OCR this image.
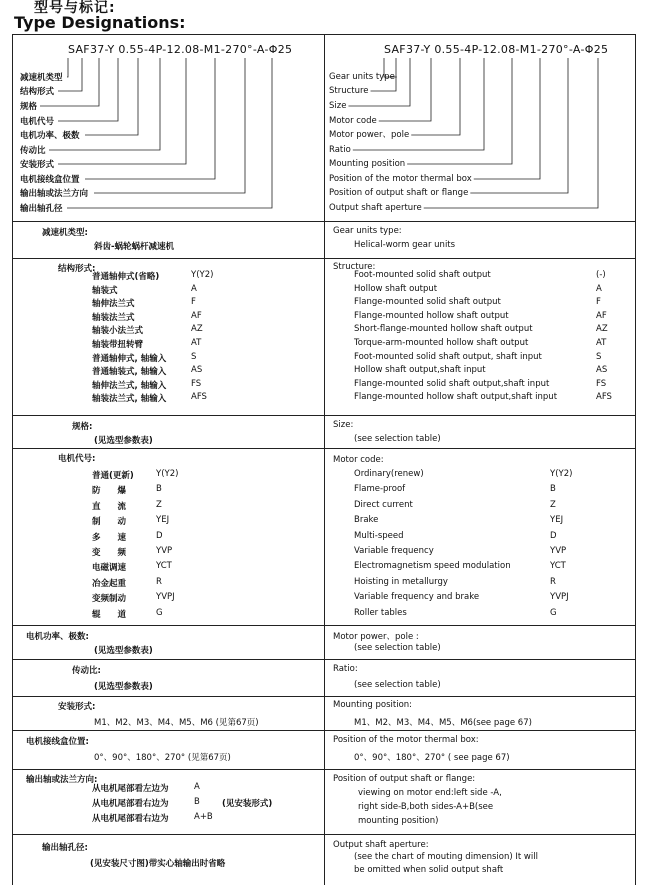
型号与标记:
Type Designations:
SAF37-Y 0.55-4P-12.08-M1-270°-A-Φ25	SAF37-Y 0.55-4P-12.08-M1-270°-A-Φ25
减速机类型
结构形式
规格
电机代号
电机功率、极数
传动比
安装形式
电机接线盒位置
输出轴或法兰方向
输出轴孔径
Gear units type
Structure
Size
Motor code
Motor power、pole
Ratio
Mounting position
Position of the motor thermal box
Position of output shaft or flange
Output shaft aperture
减速机类型:
斜齿-蜗轮蜗杆减速机
Gear units type:
Helical-worm gear units
结构形式:	Structure:
普通轴伸式(省略)	Y(Y2)	Foot-mounted solid shaft output	(-)
轴装式	A	Hollow shaft output	A
轴伸法兰式	F	Flange-mounted solid shaft output	F
轴装法兰式	AF	Flange-mounted hollow shaft output	AF
轴装小法兰式	AZ	Short-flange-mounted hollow shaft output	AZ
轴装带扭转臂	AT	Torque-arm-mounted hollow shaft output	AT
普通轴伸式, 轴输入	S	Foot-mounted solid shaft output, shaft input	S
普通轴装式, 轴输入	AS	Hollow shaft output,shaft input	AS
轴伸法兰式, 轴输入	FS	Flange-mounted solid shaft output,shaft input	FS
轴装法兰式, 轴输入	AFS	Flange-mounted hollow shaft output,shaft input	AFS
规格:
(见选型参数表)
Size:
(see selection table)
电机代号:	Motor code:
普通(更新)	Y(Y2)	Ordinary(renew)	Y(Y2)
防　　爆	B	Flame-proof	B
直　　流	Z	Direct current	Z
制　　动	YEJ	Brake	YEJ
多　　速	D	Multi-speed	D
变　　频	YVP	Variable frequency	YVP
电磁调速	YCT	Electromagnetism speed modulation	YCT
冶金起重	R	Hoisting in metallurgy	R
变频制动	YVPJ	Variable frequency and brake	YVPJ
辊　　道	G	Roller tables	G
电机功率、极数:
(见选型参数表)
Motor power、pole :
(see selection table)
传动比:
(见选型参数表)
Ratio:
(see selection table)
安装形式:
M1、M2、M3、M4、M5、M6 (见第67页)
Mounting position:
M1、M2、M3、M4、M5、M6(see page 67)
电机接线盒位置:
0°、90°、180°、270° (见第67页)
Position of the motor thermal box:
0°、90°、180°、270° ( see page 67)
输出轴或法兰方向:
从电机尾部看左边为	A
从电机尾部看右边为	B	(见安装形式)
从电机尾部看右边为	A+B
Position of output shaft or flange:
viewing on motor end:left side -A,
right side-B,both sides-A+B(see
mounting position)
输出轴孔径:
(见安装尺寸图)带实心轴输出时省略
Output shaft aperture:
(see the chart of mouting dimension) It will
be omitted when solid output shaft
